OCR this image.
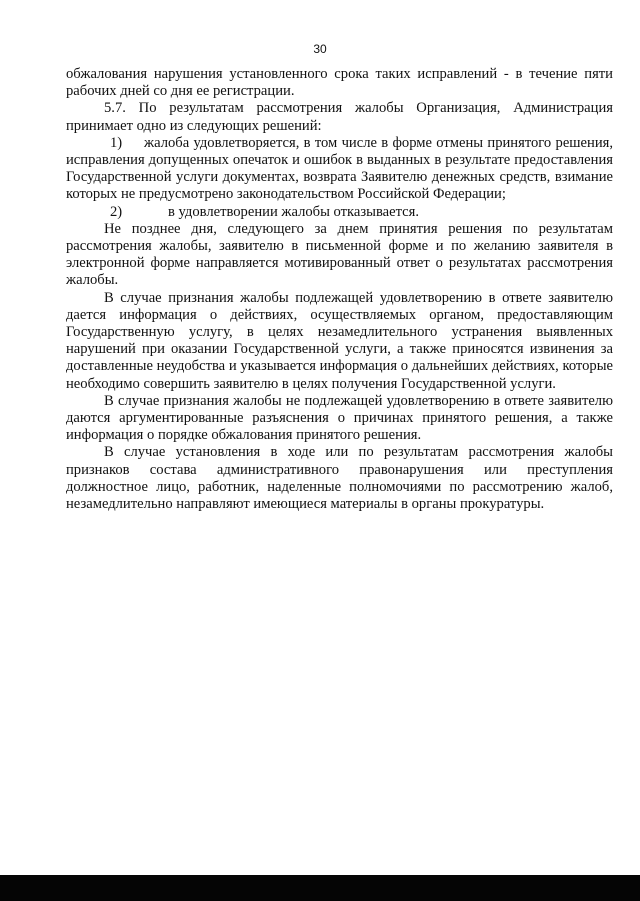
30

обжалования нарушения установленного срока таких исправлений - в течение пяти рабочих дней со дня ее регистрации.

5.7. По результатам рассмотрения жалобы Организация, Администрация принимает одно из следующих решений:

1) жалоба удовлетворяется, в том числе в форме отмены принятого решения, исправления допущенных опечаток и ошибок в выданных в результате предоставления Государственной услуги документах, возврата Заявителю денежных средств, взимание которых не предусмотрено законодательством Российской Федерации;

2)	в удовлетворении жалобы отказывается.

Не позднее дня, следующего за днем принятия решения по результатам рассмотрения жалобы, заявителю в письменной форме и по желанию заявителя в электронной форме направляется мотивированный ответ о результатах рассмотрения жалобы.

В случае признания жалобы подлежащей удовлетворению в ответе заявителю дается информация о действиях, осуществляемых органом, предоставляющим Государственную услугу, в целях незамедлительного устранения выявленных нарушений при оказании Государственной услуги, а также приносятся извинения за доставленные неудобства и указывается информация о дальнейших действиях, которые необходимо совершить заявителю в целях получения Государственной услуги.

В случае признания жалобы не подлежащей удовлетворению в ответе заявителю даются аргументированные разъяснения о причинах принятого решения, а также информация о порядке обжалования принятого решения.

В случае установления в ходе или по результатам рассмотрения жалобы признаков состава административного правонарушения или преступления должностное лицо, работник, наделенные полномочиями по рассмотрению жалоб, незамедлительно направляют имеющиеся материалы в органы прокуратуры.
